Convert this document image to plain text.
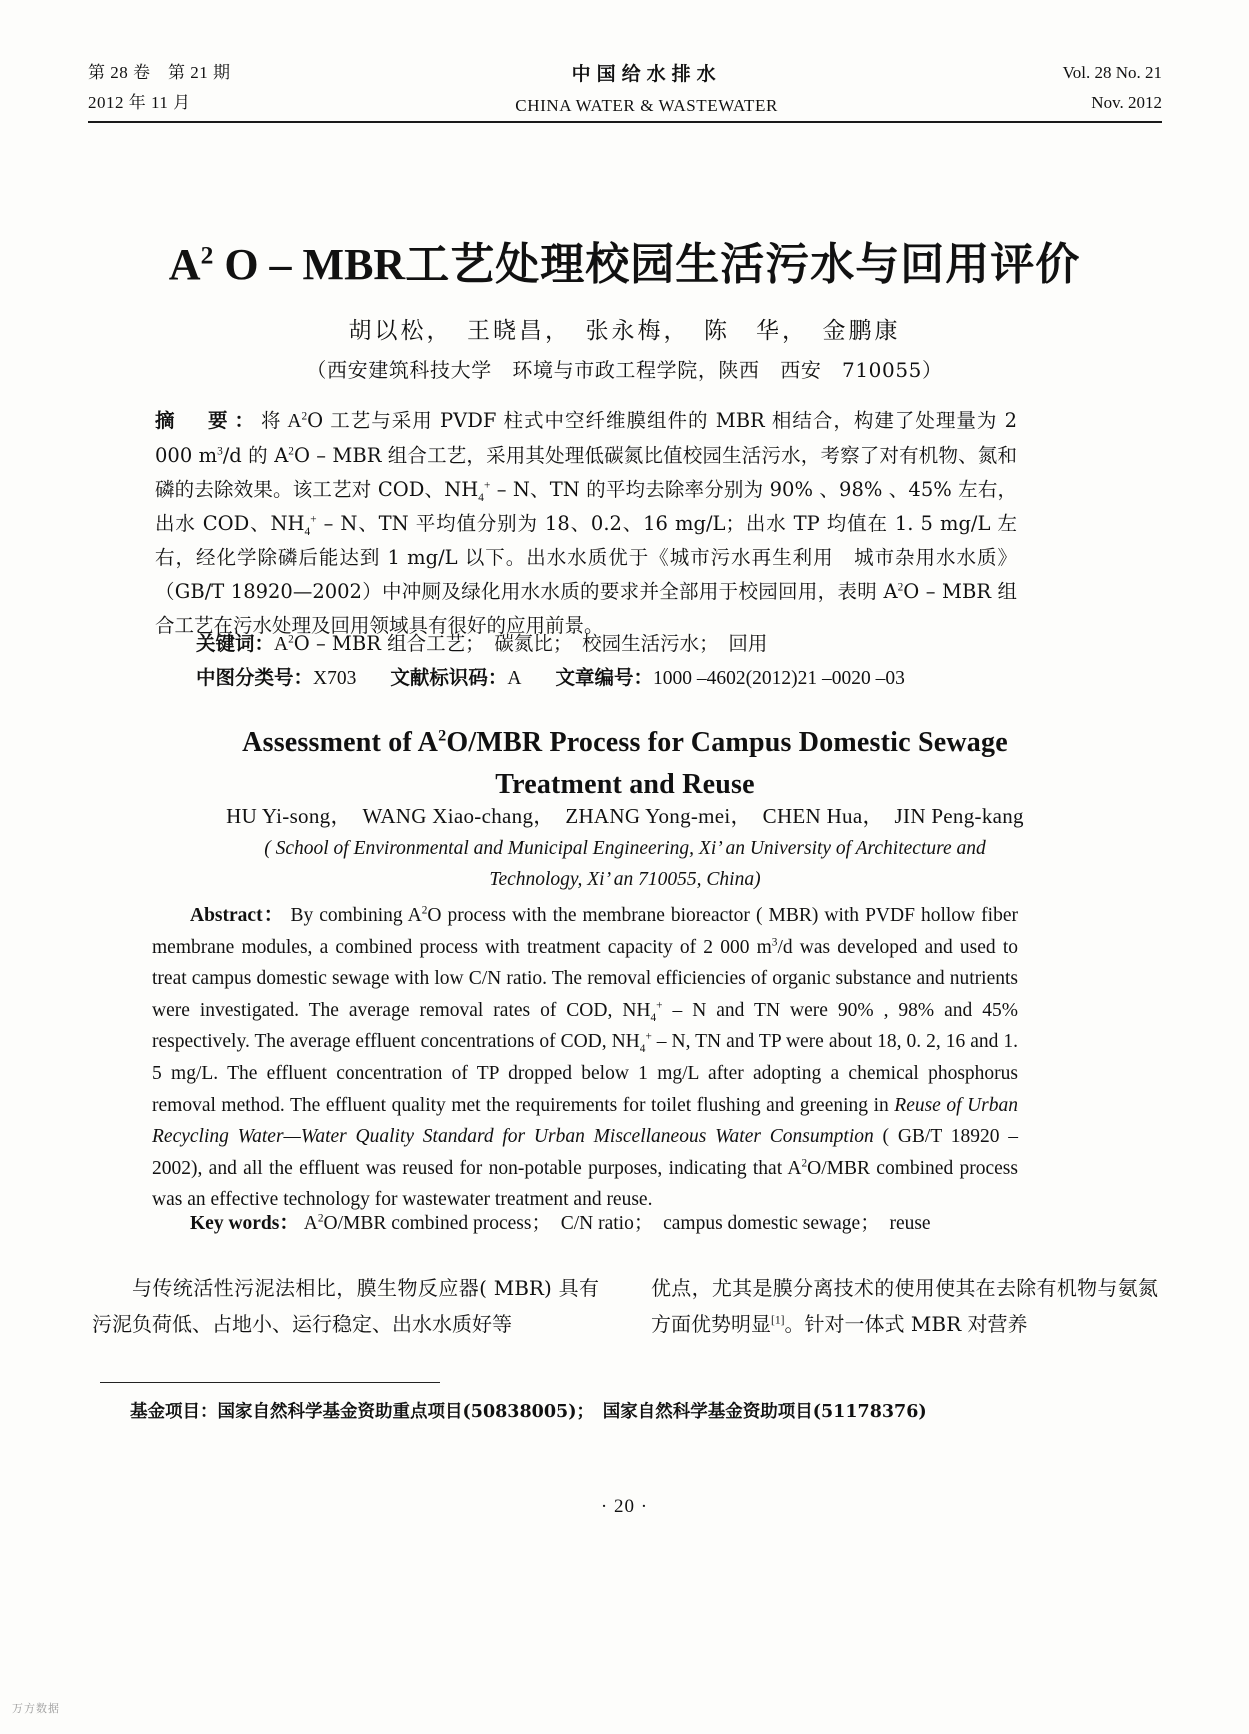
第 28 卷　第 21 期
2012 年 11 月
中国给水排水
CHINA WATER & WASTEWATER
Vol. 28 No. 21
Nov. 2012
$A^2$ O – MBR工艺处理校园生活污水与回用评价
胡以松，　王晓昌，　张永梅，　陈　华，　金鹏康
（西安建筑科技大学　环境与市政工程学院，陕西　西安　710055）

摘　要：将 $A^2O$ 工艺与采用 PVDF 柱式中空纤维膜组件的 MBR 相结合，构建了处理量为 2 000 $m^3/d$ 的 $A^2O$ – MBR 组合工艺，采用其处理低碳氮比值校园生活污水，考察了对有机物、氮和磷的去除效果。该工艺对 COD、$NH_4^+$ – N、TN 的平均去除率分别为 90% 、98% 、45% 左右，出水 COD、$NH_4^+$ – N、TN 平均值分别为 18、0.2、16 mg/L；出水 TP 均值在 1. 5 mg/L 左右，经化学除磷后能达到 1 mg/L 以下。出水水质优于《城市污水再生利用　城市杂用水水质》（GB/T 18920—2002）中冲厕及绿化用水水质的要求并全部用于校园回用，表明 $A^2O$ – MBR 组合工艺在污水处理及回用领域具有很好的应用前景。

关键词：$A^2O$ – MBR 组合工艺；　碳氮比；　校园生活污水；　回用
中图分类号：X703 文献标识码：A 文章编号：1000 –4602(2012)21 –0020 –03
Assessment of $A^2O$/MBR Process for Campus Domestic Sewage
Treatment and Reuse
HU Yi-song，　WANG Xiao-chang，　ZHANG Yong-mei，　CHEN Hua，　JIN Peng-kang
( School of Environmental and Municipal Engineering, Xi’ an University of Architecture and
Technology, Xi’ an 710055, China)

Abstract： By combining $A^2O$ process with the membrane bioreactor ( MBR) with PVDF hollow fiber membrane modules, a combined process with treatment capacity of 2 000 $m^3/d$ was developed and used to treat campus domestic sewage with low C/N ratio. The removal efficiencies of organic substance and nutrients were investigated. The average removal rates of COD, $NH_4^+$ – N and TN were 90% , 98% and 45% respectively. The average effluent concentrations of COD, $NH_4^+$ – N, TN and TP were about 18, 0. 2, 16 and 1. 5 mg/L. The effluent concentration of TP dropped below 1 mg/L after adopting a chemical phosphorus removal method. The effluent quality met the requirements for toilet flushing and greening in Reuse of Urban Recycling Water—Water Quality Standard for Urban Miscellaneous Water Consumption ( GB/T 18920 – 2002), and all the effluent was reused for non-potable purposes, indicating that $A^2O$/MBR combined process was an effective technology for wastewater treatment and reuse.

Key words： $A^2O$/MBR combined process；　C/N ratio；　campus domestic sewage；　reuse

与传统活性污泥法相比，膜生物反应器( MBR) 具有污泥负荷低、占地小、运行稳定、出水水质好等

优点，尤其是膜分离技术的使用使其在去除有机物与氨氮方面优势明显[1]。针对一体式 MBR 对营养

基金项目：国家自然科学基金资助重点项目(50838005)；　国家自然科学基金资助项目(51178376)
· 20 ·
万方数据
